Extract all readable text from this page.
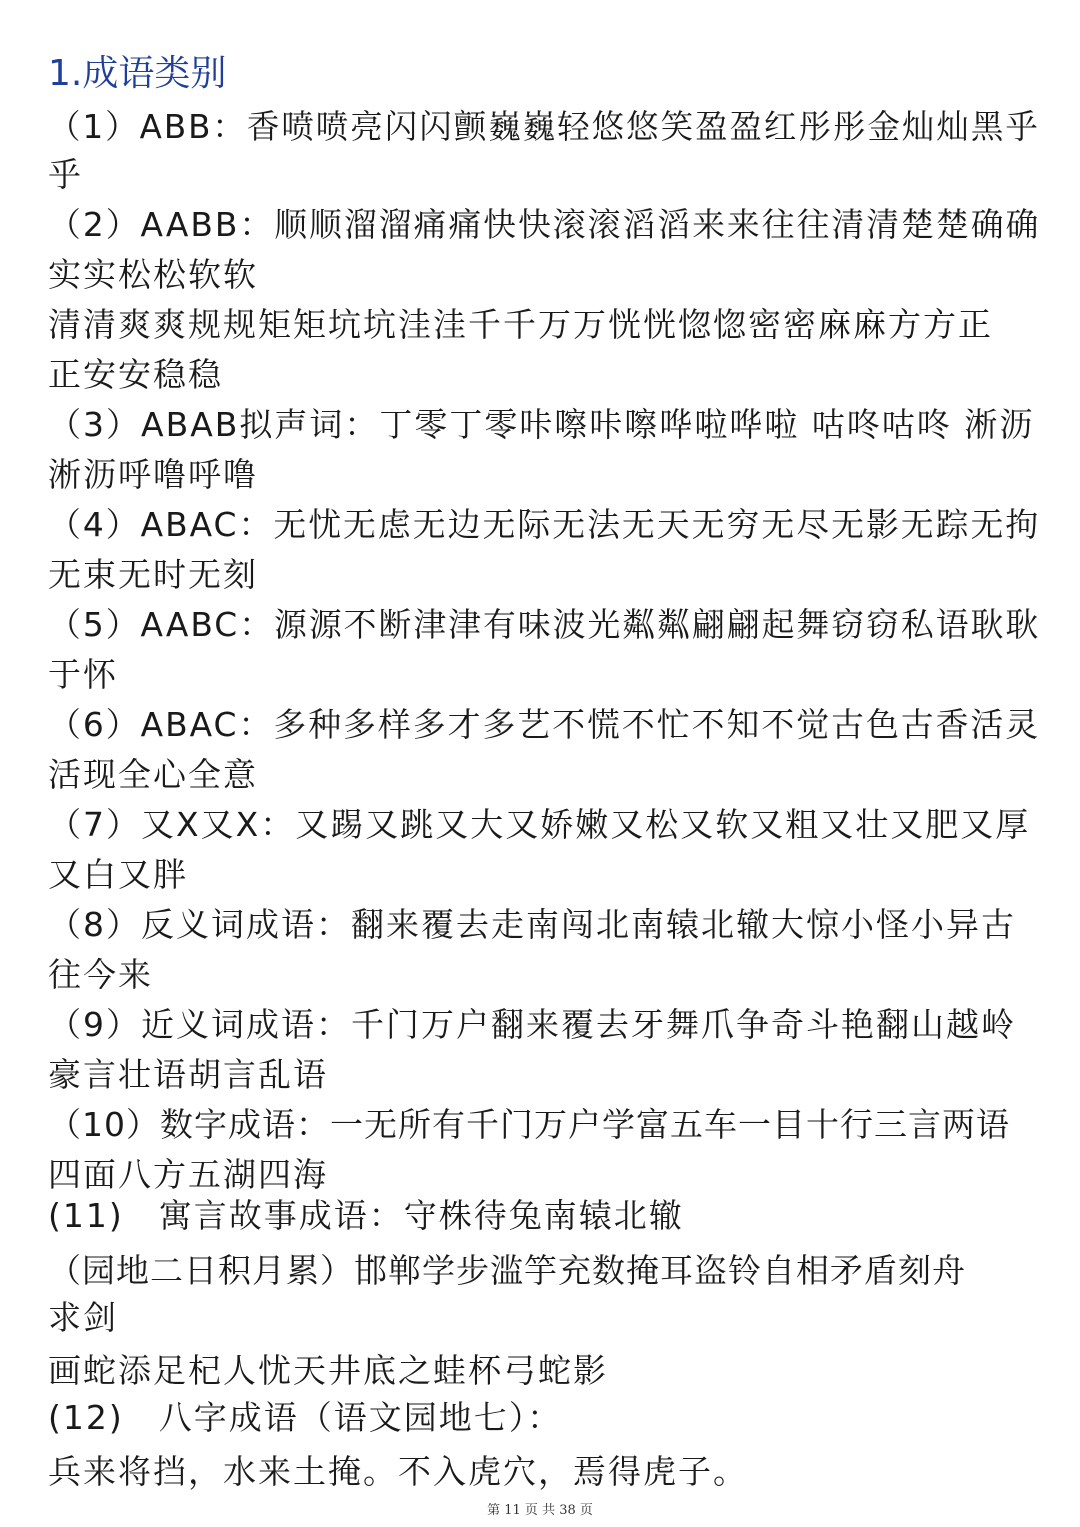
1.成语类别
（1）ABB：香喷喷亮闪闪颤巍巍轻悠悠笑盈盈红彤彤金灿灿黑乎
乎
（2）AABB：顺顺溜溜痛痛快快滚滚滔滔来来往往清清楚楚确确
实实松松软软
清清爽爽规规矩矩坑坑洼洼千千万万恍恍惚惚密密麻麻方方正
正安安稳稳
（3）ABAB拟声词：丁零丁零咔嚓咔嚓哗啦哗啦 咕咚咕咚 淅沥
淅沥呼噜呼噜
（4）ABAC：无忧无虑无边无际无法无天无穷无尽无影无踪无拘
无束无时无刻
（5）AABC：源源不断津津有味波光粼粼翩翩起舞窃窃私语耿耿
于怀
（6）ABAC：多种多样多才多艺不慌不忙不知不觉古色古香活灵
活现全心全意
（7）又X又X：又踢又跳又大又娇嫩又松又软又粗又壮又肥又厚
又白又胖
（8）反义词成语：翻来覆去走南闯北南辕北辙大惊小怪小异古
往今来
（9）近义词成语：千门万户翻来覆去牙舞爪争奇斗艳翻山越岭
豪言壮语胡言乱语
（10）数字成语：一无所有千门万户学富五车一目十行三言两语
四面八方五湖四海
(11)　寓言故事成语：守株待兔南辕北辙
（园地二日积月累）邯郸学步滥竽充数掩耳盗铃自相矛盾刻舟
求剑
画蛇添足杞人忧天井底之蛙杯弓蛇影
(12)　八字成语（语文园地七）：
兵来将挡，水来土掩。不入虎穴，焉得虎子。
第 11 页 共 38 页
